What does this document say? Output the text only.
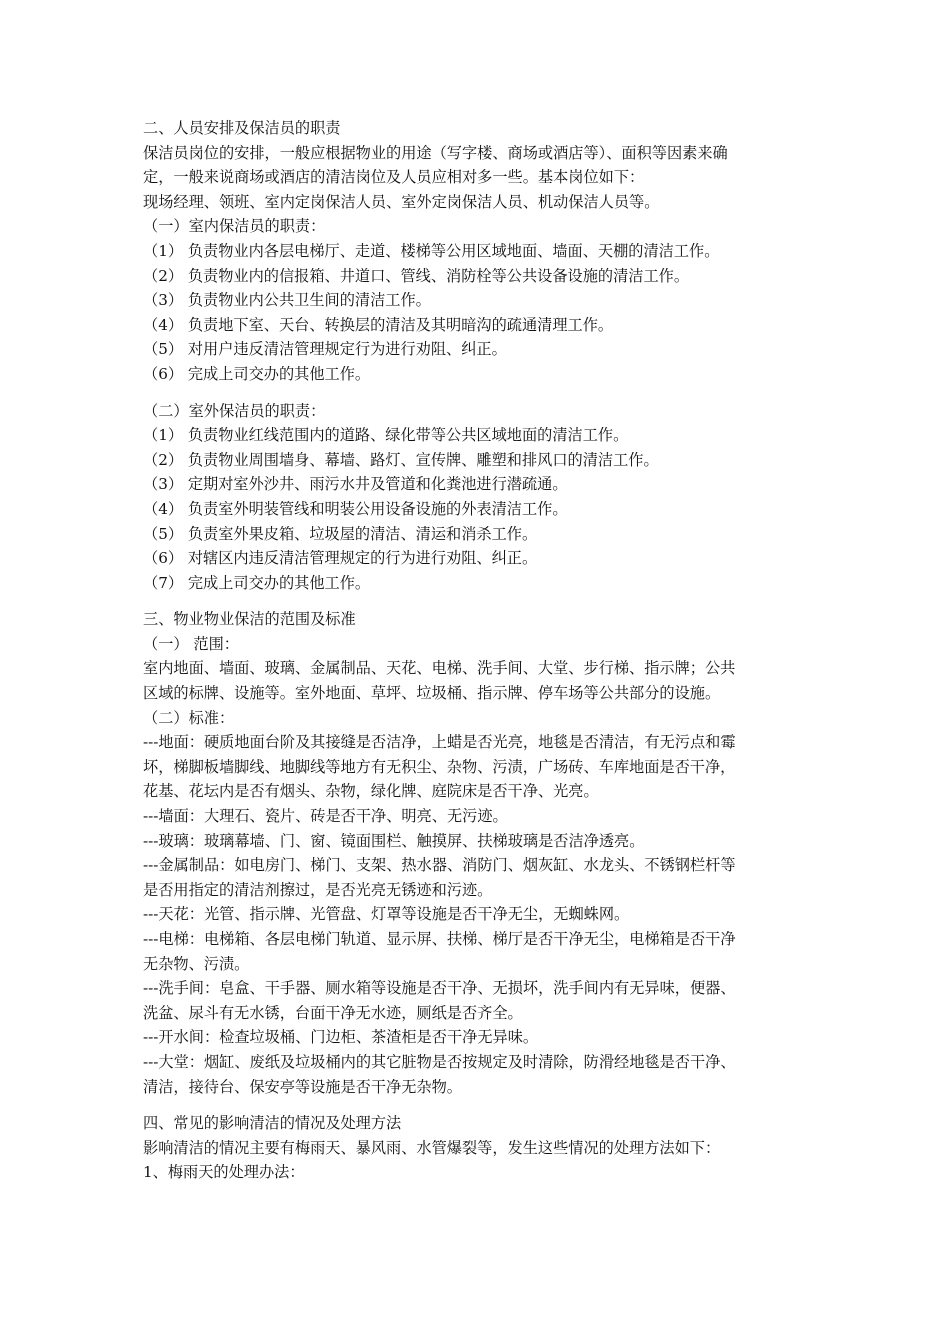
二、人员安排及保洁员的职责
保洁员岗位的安排，一般应根据物业的用途（写字楼、商场或酒店等）、面积等因素来确
定，一般来说商场或酒店的清洁岗位及人员应相对多一些。基本岗位如下：
现场经理、领班、室内定岗保洁人员、室外定岗保洁人员、机动保洁人员等。
（一）室内保洁员的职责：
（1） 负责物业内各层电梯厅、走道、楼梯等公用区域地面、墙面、天棚的清洁工作。
（2） 负责物业内的信报箱、井道口、管线、消防栓等公共设备设施的清洁工作。
（3） 负责物业内公共卫生间的清洁工作。
（4） 负责地下室、天台、转换层的清洁及其明暗沟的疏通清理工作。
（5） 对用户违反清洁管理规定行为进行劝阻、纠正。
（6） 完成上司交办的其他工作。
（二）室外保洁员的职责：
（1） 负责物业红线范围内的道路、绿化带等公共区域地面的清洁工作。
（2） 负责物业周围墙身、幕墙、路灯、宣传牌、雕塑和排风口的清洁工作。
（3） 定期对室外沙井、雨污水井及管道和化粪池进行潜疏通。
（4） 负责室外明装管线和明装公用设备设施的外表清洁工作。
（5） 负责室外果皮箱、垃圾屋的清洁、清运和消杀工作。
（6） 对辖区内违反清洁管理规定的行为进行劝阻、纠正。
（7） 完成上司交办的其他工作。
三、物业物业保洁的范围及标准
（一） 范围：
室内地面、墙面、玻璃、金属制品、天花、电梯、洗手间、大堂、步行梯、指示牌；公共
区域的标牌、设施等。室外地面、草坪、垃圾桶、指示牌、停车场等公共部分的设施。
（二）标准：
---地面：硬质地面台阶及其接缝是否洁净，上蜡是否光亮，地毯是否清洁，有无污点和霉
坏，梯脚板墙脚线、地脚线等地方有无积尘、杂物、污渍，广场砖、车库地面是否干净，
花基、花坛内是否有烟头、杂物，绿化牌、庭院床是否干净、光亮。
---墙面：大理石、瓷片、砖是否干净、明亮、无污迹。
---玻璃：玻璃幕墙、门、窗、镜面围栏、触摸屏、扶梯玻璃是否洁净透亮。
---金属制品：如电房门、梯门、支架、热水器、消防门、烟灰缸、水龙头、不锈钢栏杆等
是否用指定的清洁剂擦过，是否光亮无锈迹和污迹。
---天花：光管、指示牌、光管盘、灯罩等设施是否干净无尘，无蜘蛛网。
---电梯：电梯箱、各层电梯门轨道、显示屏、扶梯、梯厅是否干净无尘，电梯箱是否干净
无杂物、污渍。
---洗手间：皂盒、干手器、厕水箱等设施是否干净、无损坏，洗手间内有无异味，便器、
洗盆、尿斗有无水锈，台面干净无水迹，厕纸是否齐全。
---开水间：检查垃圾桶、门边柜、茶渣柜是否干净无异味。
---大堂：烟缸、废纸及垃圾桶内的其它脏物是否按规定及时清除，防滑经地毯是否干净、
清洁，接待台、保安亭等设施是否干净无杂物。
四、常见的影响清洁的情况及处理方法
影响清洁的情况主要有梅雨天、暴风雨、水管爆裂等，发生这些情况的处理方法如下：
1、梅雨天的处理办法：
